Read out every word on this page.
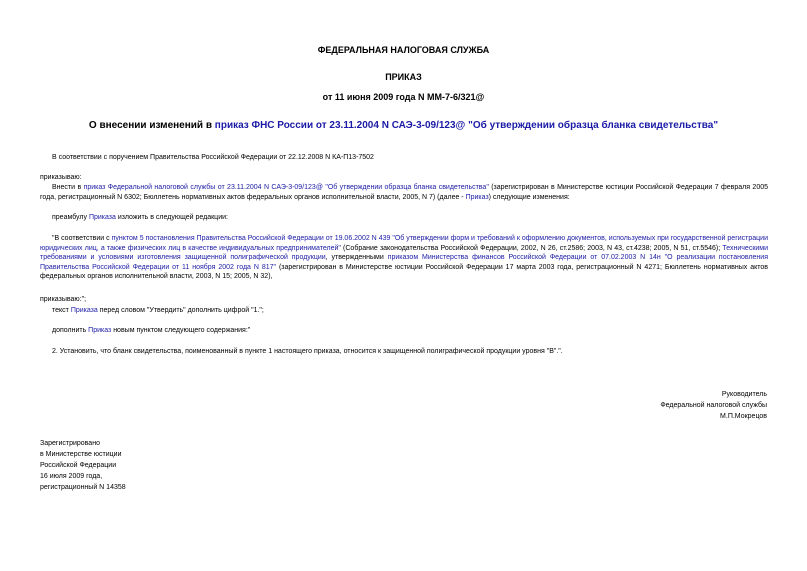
ФЕДЕРАЛЬНАЯ НАЛОГОВАЯ СЛУЖБА
ПРИКАЗ
от 11 июня 2009 года N ММ-7-6/321@
О внесении изменений в приказ ФНС России от 23.11.2004 N САЭ-3-09/123@ "Об утверждении образца бланка свидетельства"
В соответствии с поручением Правительства Российской Федерации от 22.12.2008 N КА-П13-7502
приказываю:
Внести в приказ Федеральной налоговой службы от 23.11.2004 N САЭ-3-09/123@ "Об утверждении образца бланка свидетельства" (зарегистрирован в Министерстве юстиции Российской Федерации 7 февраля 2005 года, регистрационный N 6302; Бюллетень нормативных актов федеральных органов исполнительной власти, 2005, N 7) (далее - Приказ) следующие изменения:
преамбулу Приказа изложить в следующей редакции:
"В соответствии с пунктом 5 постановления Правительства Российской Федерации от 19.06.2002 N 439 "Об утверждении форм и требований к оформлению документов, используемых при государственной регистрации юридических лиц, а также физических лиц в качестве индивидуальных предпринимателей" (Собрание законодательства Российской Федерации, 2002, N 26, ст.2586; 2003, N 43, ст.4238; 2005, N 51, ст.5546); Техническими требованиями и условиями изготовления защищенной полиграфической продукции, утвержденными приказом Министерства финансов Российской Федерации от 07.02.2003 N 14н "О реализации постановления Правительства Российской Федерации от 11 ноября 2002 года N 817" (зарегистрирован в Министерстве юстиции Российской Федерации 17 марта 2003 года, регистрационный N 4271; Бюллетень нормативных актов федеральных органов исполнительной власти, 2003, N 15; 2005, N 32),
приказываю:";
текст Приказа перед словом "Утвердить" дополнить цифрой "1.";
дополнить Приказ новым пунктом следующего содержания:"
2. Установить, что бланк свидетельства, поименованный в пункте 1 настоящего приказа, относится к защищенной полиграфической продукции уровня "В".".
Руководитель
Федеральной налоговой службы
М.П.Мокрецов
Зарегистрировано
в Министерстве юстиции
Российской Федерации
16 июля 2009 года,
регистрационный N 14358
